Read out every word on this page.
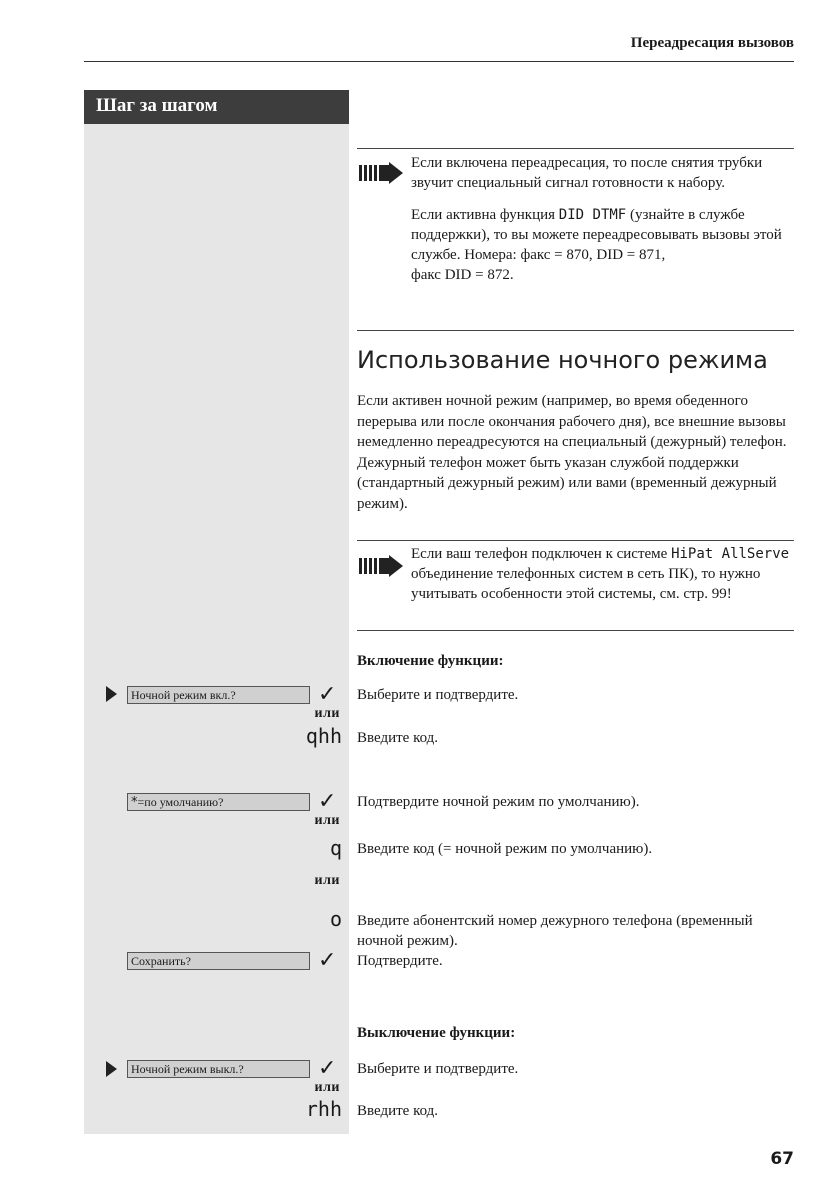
Переадресация вызовов
Шаг за шагом

Если включена переадресация, то после снятия трубки звучит специальный сигнал готовности к набору.

Если активна функция DID DTMF (узнайте в службе поддержки), то вы можете переадресовывать вызовы этой службе. Номера: факс = 870, DID = 871,
факс DID = 872.

Использование ночного режима
Если активен ночной режим (например, во время обеденного перерыва или после окончания рабочего дня), все внешние вызовы немедленно переадресуются на специальный (дежурный) телефон. Дежурный телефон может быть указан службой поддержки (стандартный дежурный режим) или вами (временный дежурный режим).
Если ваш телефон подключен к системе HiPat AllServe объединение телефонных систем в сеть ПК), то нужно учитывать особенности этой системы, см. стр. 99!
Включение функции:
Ночной режим вкл.?	✓ Выберите и подтвердите.
или
qhh Введите код.
*=по умолчанию?	✓ Подтвердите ночной режим по умолчанию).
или
q Введите код (= ночной режим по умолчанию).
или
o Введите абонентский номер дежурного телефона (временный ночной режим).
Сохранить?	✓ Подтвердите.
Выключение функции:
Ночной режим выкл.?	✓ Выберите и подтвердите.
или
rhh Введите код.
67
